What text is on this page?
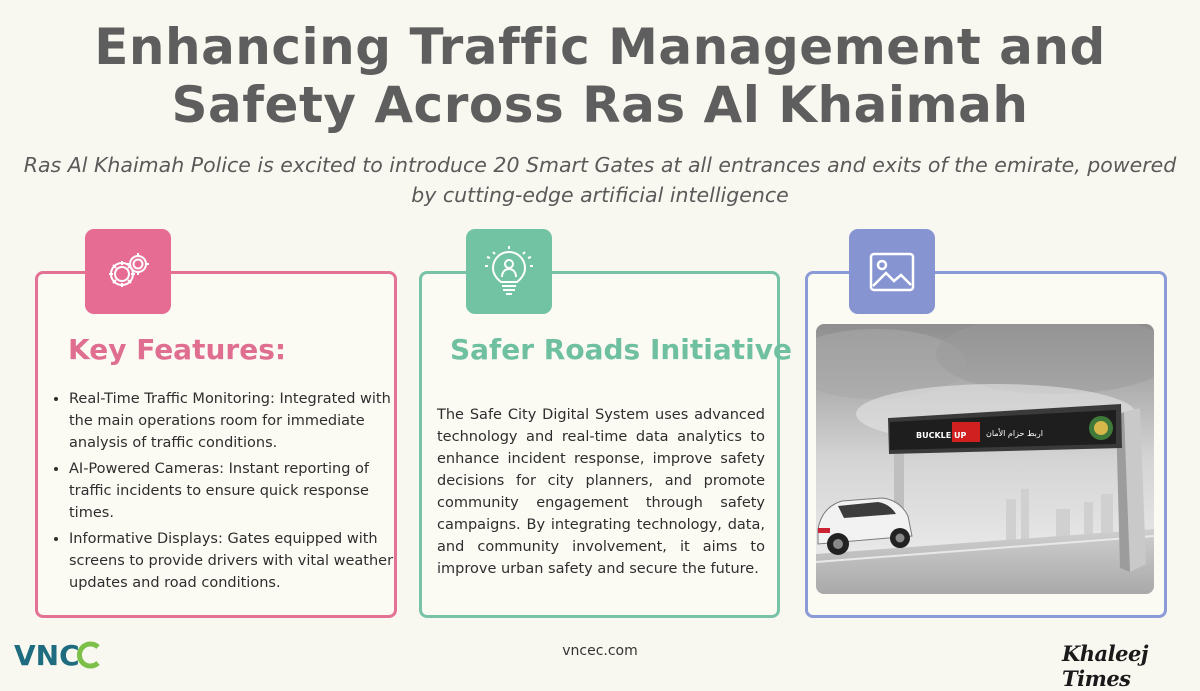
Enhancing Traffic Management and
Safety Across Ras Al Khaimah
Ras Al Khaimah Police is excited to introduce 20 Smart Gates at all entrances and exits of the emirate, powered by cutting-edge artificial intelligence
Key Features:
• Real-Time Traffic Monitoring: Integrated with the main operations room for immediate analysis of traffic conditions.
• AI-Powered Cameras: Instant reporting of traffic incidents to ensure quick response times.
• Informative Displays: Gates equipped with screens to provide drivers with vital weather updates and road conditions.
Safer Roads Initiative
The Safe City Digital System uses advanced technology and real-time data analytics to enhance incident response, improve safety decisions for city planners, and promote community engagement through safety campaigns. By integrating technology, data, and community involvement, it aims to improve urban safety and secure the future.
BUCKLE UP اربط حزام الأمان
VNC	vncec.com	Khaleej Times
